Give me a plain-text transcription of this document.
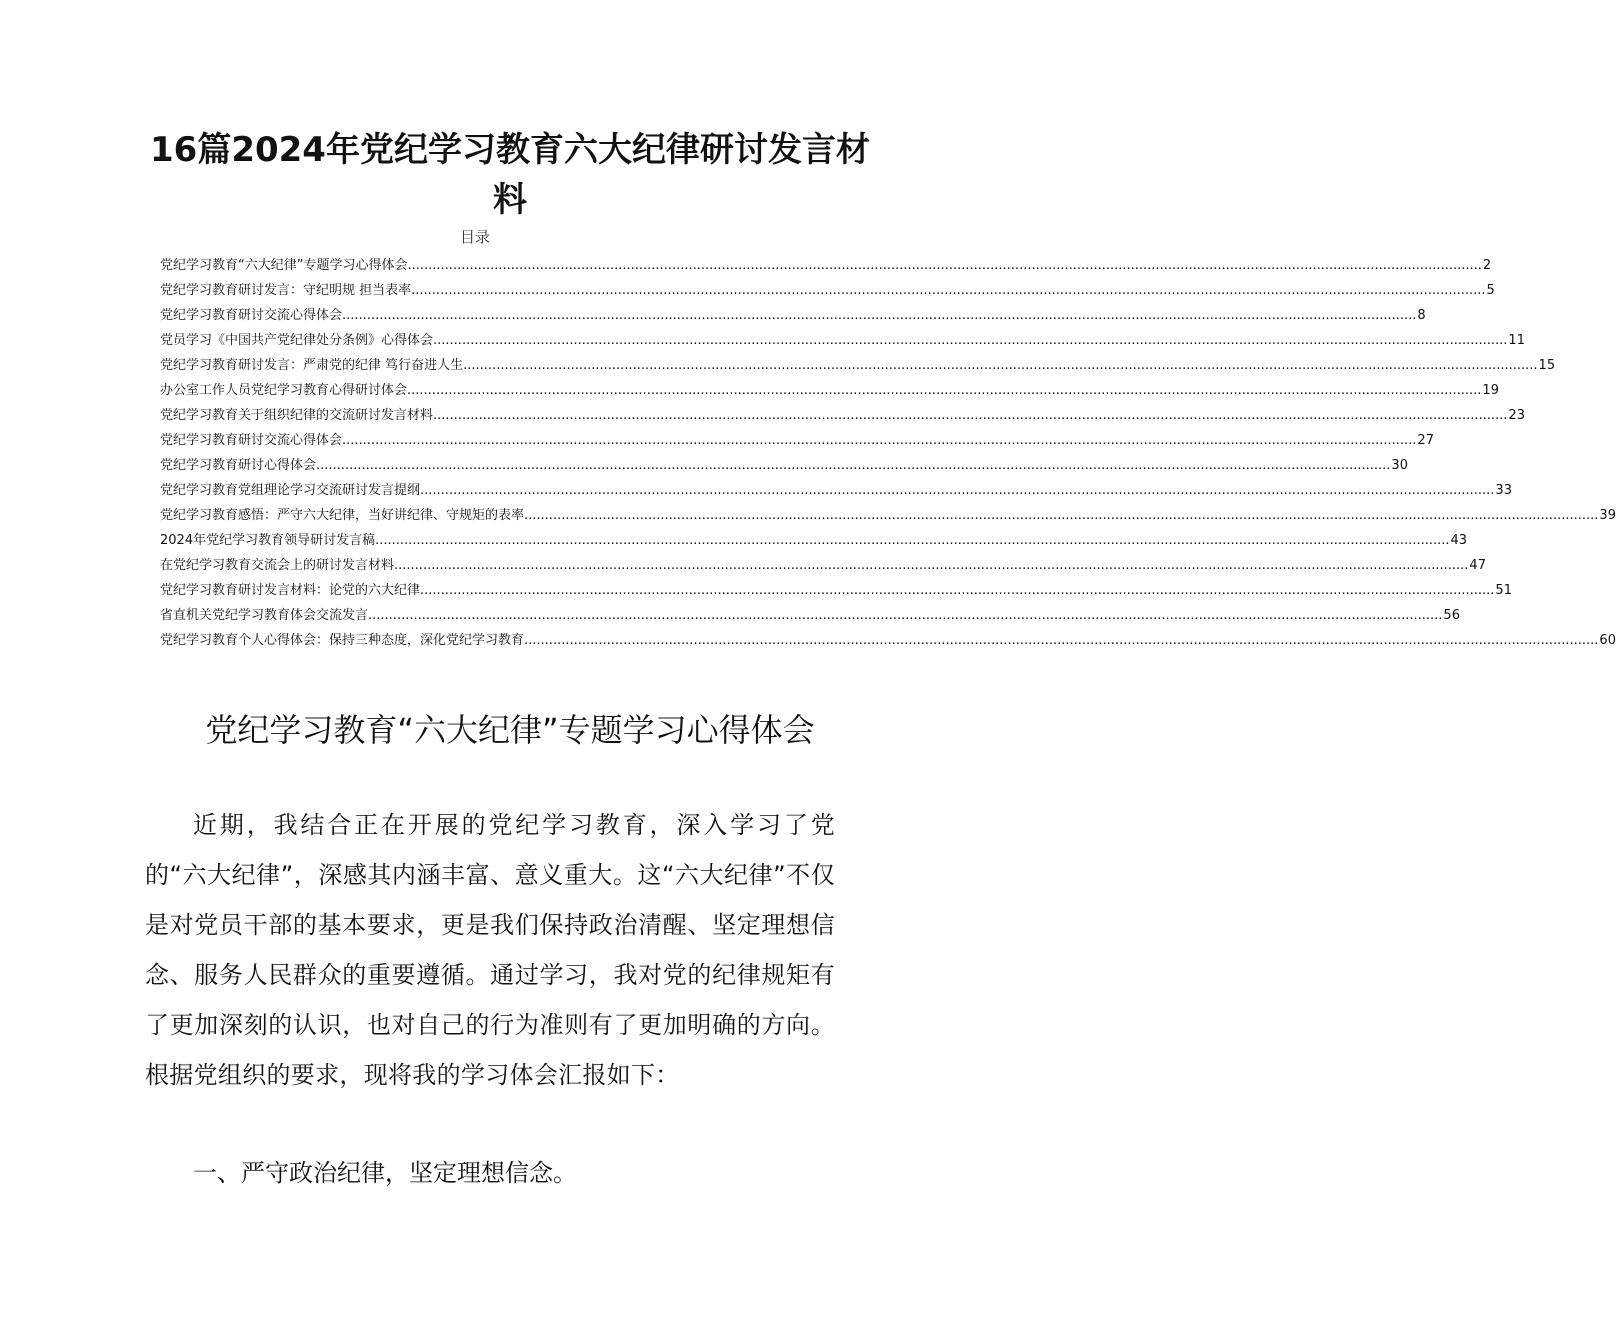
16篇2024年党纪学习教育六大纪律研讨发言材料
目录
党纪学习教育“六大纪律”专题学习心得体会 .................................................................................................................................................................................................................................................................... 2
党纪学习教育研讨发言：守纪明规 担当表率 .................................................................................................................................................................................................................................................................... 5
党纪学习教育研讨交流心得体会 .................................................................................................................................................................................................................................................................... 8
党员学习《中国共产党纪律处分条例》心得体会 .................................................................................................................................................................................................................................................................... 11
党纪学习教育研讨发言：严肃党的纪律 笃行奋进人生 .................................................................................................................................................................................................................................................................... 15
办公室工作人员党纪学习教育心得研讨体会 .................................................................................................................................................................................................................................................................... 19
党纪学习教育关于组织纪律的交流研讨发言材料 .................................................................................................................................................................................................................................................................... 23
党纪学习教育研讨交流心得体会 .................................................................................................................................................................................................................................................................... 27
党纪学习教育研讨心得体会 .................................................................................................................................................................................................................................................................... 30
党纪学习教育党组理论学习交流研讨发言提纲 .................................................................................................................................................................................................................................................................... 33
党纪学习教育感悟：严守六大纪律，当好讲纪律、守规矩的表率 .................................................................................................................................................................................................................................................................... 39
2024年党纪学习教育领导研讨发言稿 .................................................................................................................................................................................................................................................................... 43
在党纪学习教育交流会上的研讨发言材料 .................................................................................................................................................................................................................................................................... 47
党纪学习教育研讨发言材料：论党的六大纪律 .................................................................................................................................................................................................................................................................... 51
省直机关党纪学习教育体会交流发言 .................................................................................................................................................................................................................................................................... 56
党纪学习教育个人心得体会：保持三种态度，深化党纪学习教育 .................................................................................................................................................................................................................................................................... 60
党纪学习教育“六大纪律”专题学习心得体会

近期，我结合正在开展的党纪学习教育，深入学习了党的“六大纪律”，深感其内涵丰富、意义重大。这“六大纪律”不仅是对党员干部的基本要求，更是我们保持政治清醒、坚定理想信念、服务人民群众的重要遵循。通过学习，我对党的纪律规矩有了更加深刻的认识，也对自己的行为准则有了更加明确的方向。根据党组织的要求，现将我的学习体会汇报如下：

一、严守政治纪律，坚定理想信念。
